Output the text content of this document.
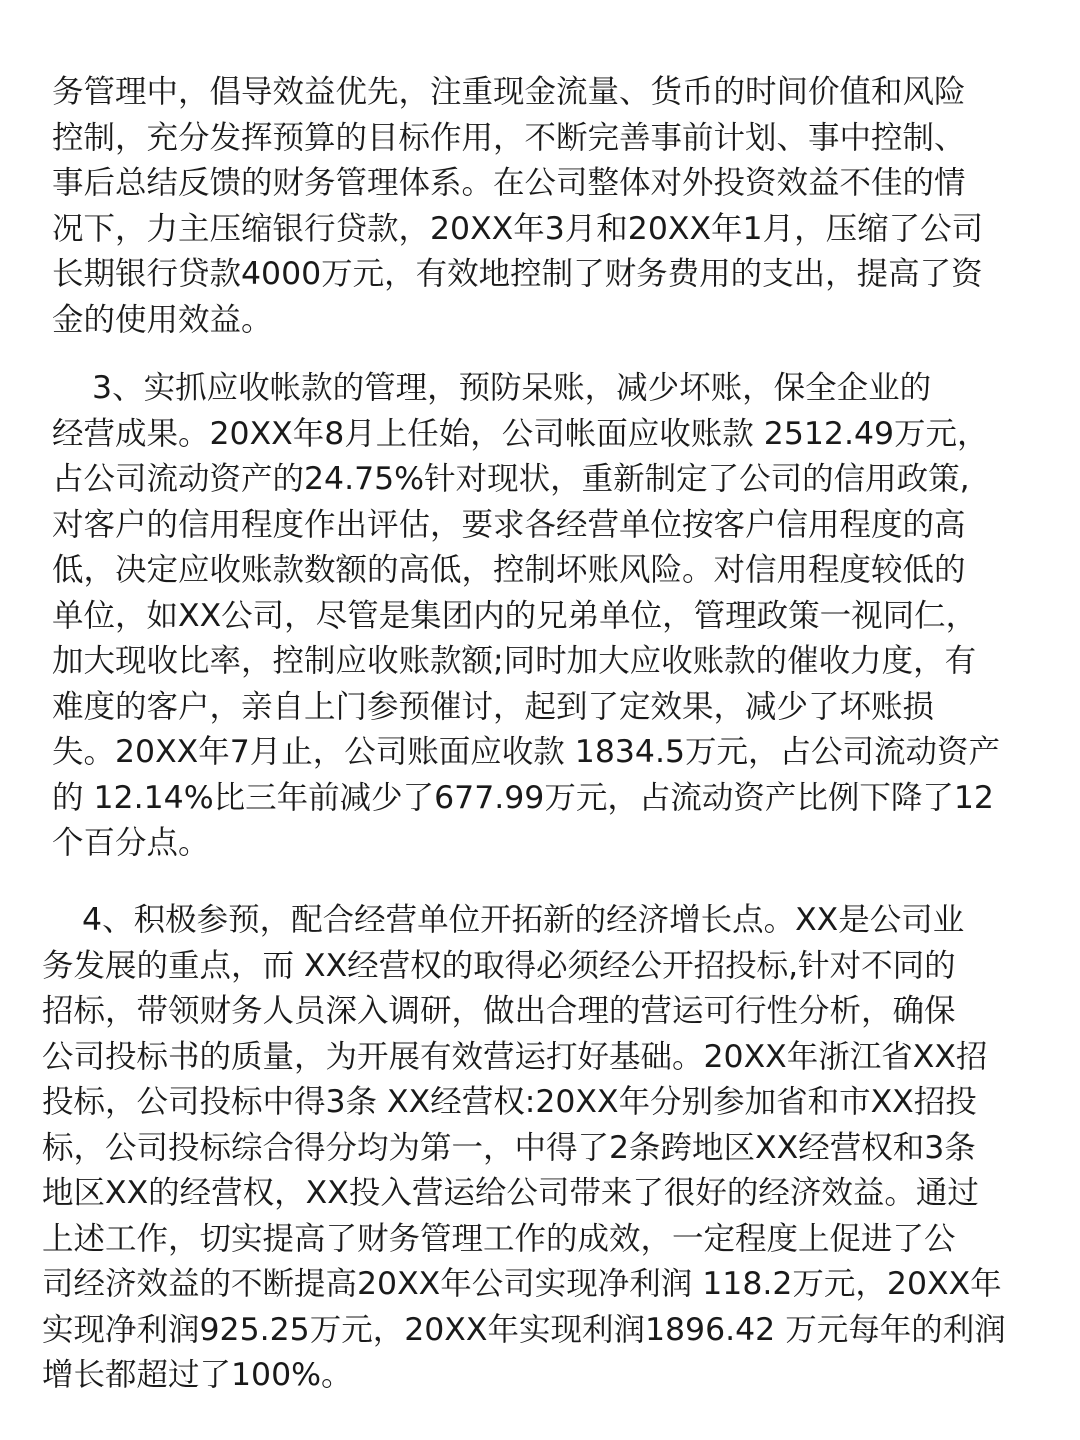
务管理中，倡导效益优先，注重现金流量、货币的时间价值和风险
控制，充分发挥预算的目标作用，不断完善事前计划、事中控制、
事后总结反馈的财务管理体系。在公司整体对外投资效益不佳的情
况下，力主压缩银行贷款，20XX年3月和20XX年1月，压缩了公司
长期银行贷款4000万元，有效地控制了财务费用的支出，提高了资
金的使用效益。
3、实抓应收帐款的管理，预防呆账，减少坏账，保全企业的
经营成果。20XX年8月上任始，公司帐面应收账款 2512.49万元，
占公司流动资产的24.75%针对现状，重新制定了公司的信用政策,
对客户的信用程度作出评估，要求各经营单位按客户信用程度的高
低，决定应收账款数额的高低，控制坏账风险。对信用程度较低的
单位，如XX公司，尽管是集团内的兄弟单位，管理政策一视同仁，
加大现收比率，控制应收账款额;同时加大应收账款的催收力度，有
难度的客户，亲自上门参预催讨，起到了定效果，减少了坏账损
失。20XX年7月止，公司账面应收款 1834.5万元，占公司流动资产
的 12.14%比三年前减少了677.99万元，占流动资产比例下降了12
个百分点。
4、积极参预，配合经营单位开拓新的经济增长点。XX是公司业
务发展的重点，而 XX经营权的取得必须经公开招投标,针对不同的
招标，带领财务人员深入调研，做出合理的营运可行性分析，确保
公司投标书的质量，为开展有效营运打好基础。20XX年浙江省XX招
投标，公司投标中得3条 XX经营权:20XX年分别参加省和市XX招投
标，公司投标综合得分均为第一，中得了2条跨地区XX经营权和3条
地区XX的经营权，XX投入营运给公司带来了很好的经济效益。通过
上述工作，切实提高了财务管理工作的成效，一定程度上促进了公
司经济效益的不断提高20XX年公司实现净利润 118.2万元，20XX年
实现净利润925.25万元，20XX年实现利润1896.42 万元每年的利润
增长都超过了100%。
